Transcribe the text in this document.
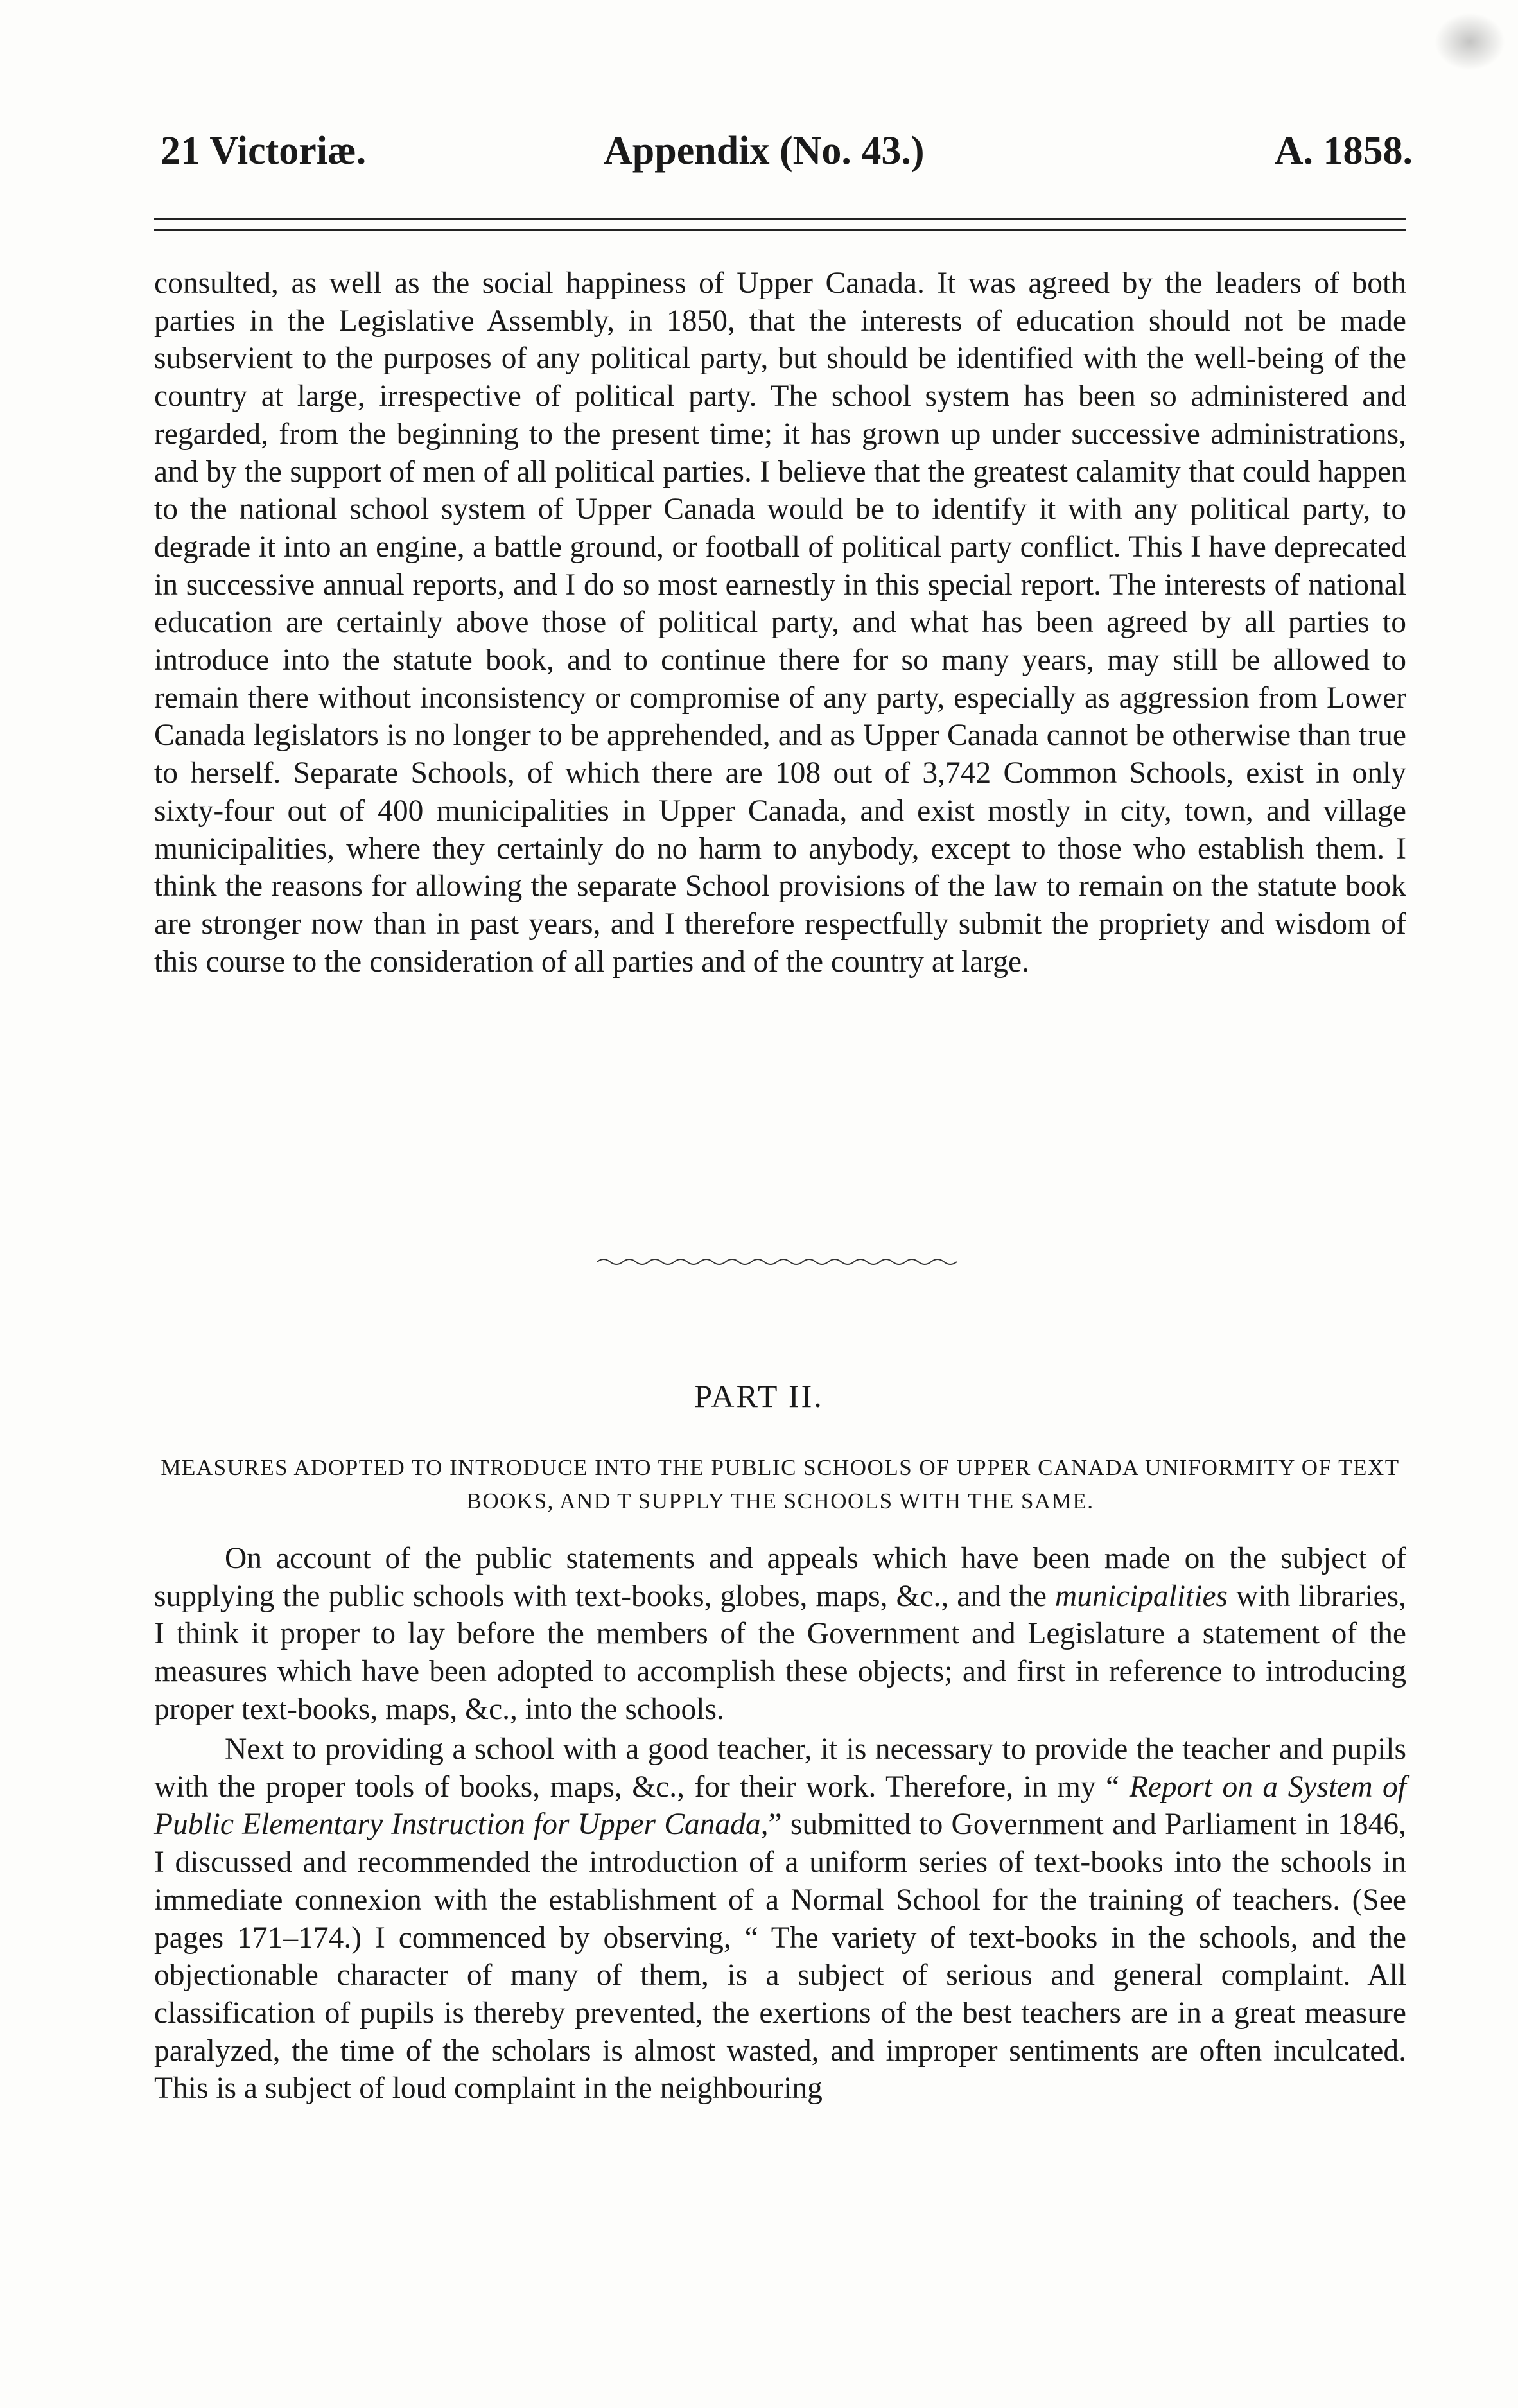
21 Victoriæ.	Appendix (No. 43.)	A. 1858.

consulted, as well as the social happiness of Upper Canada. It was agreed by the leaders of both parties in the Legislative Assembly, in 1850, that the interests of education should not be made subservient to the purposes of any political party, but should be identified with the well-being of the country at large, irrespective of political party. The school system has been so administered and regarded, from the beginning to the present time; it has grown up under successive administrations, and by the support of men of all political parties. I believe that the greatest calamity that could happen to the national school system of Upper Canada would be to identify it with any political party, to degrade it into an engine, a battle ground, or football of political party conflict. This I have deprecated in successive annual reports, and I do so most earnestly in this special report. The interests of national education are certainly above those of political party, and what has been agreed by all parties to introduce into the statute book, and to continue there for so many years, may still be allowed to remain there without inconsistency or compromise of any party, especially as aggression from Lower Canada legislators is no longer to be apprehended, and as Upper Canada cannot be otherwise than true to herself. Separate Schools, of which there are 108 out of 3,742 Common Schools, exist in only sixty-four out of 400 municipalities in Upper Canada, and exist mostly in city, town, and village municipalities, where they certainly do no harm to anybody, except to those who establish them. I think the reasons for allowing the separate School provisions of the law to remain on the statute book are stronger now than in past years, and I therefore respectfully submit the propriety and wisdom of this course to the consideration of all parties and of the country at large.

PART II.
MEASURES ADOPTED TO INTRODUCE INTO THE PUBLIC SCHOOLS OF UPPER CANADA UNIFORMITY OF TEXT BOOKS, AND T SUPPLY THE SCHOOLS WITH THE SAME.

On account of the public statements and appeals which have been made on the subject of supplying the public schools with text-books, globes, maps, &c., and the municipalities with libraries, I think it proper to lay before the members of the Government and Legislature a statement of the measures which have been adopted to accomplish these objects; and first in reference to introducing proper text-books, maps, &c., into the schools.

Next to providing a school with a good teacher, it is necessary to provide the teacher and pupils with the proper tools of books, maps, &c., for their work. Therefore, in my “ Report on a System of Public Elementary Instruction for Upper Canada,” submitted to Government and Parliament in 1846, I discussed and recommended the introduction of a uniform series of text-books into the schools in immediate connexion with the establishment of a Normal School for the training of teachers. (See pages 171–174.) I commenced by observing, “ The variety of text-books in the schools, and the objectionable character of many of them, is a subject of serious and general complaint. All classification of pupils is thereby prevented, the exertions of the best teachers are in a great measure paralyzed, the time of the scholars is almost wasted, and improper sentiments are often inculcated. This is a subject of loud complaint in the neighbouring
